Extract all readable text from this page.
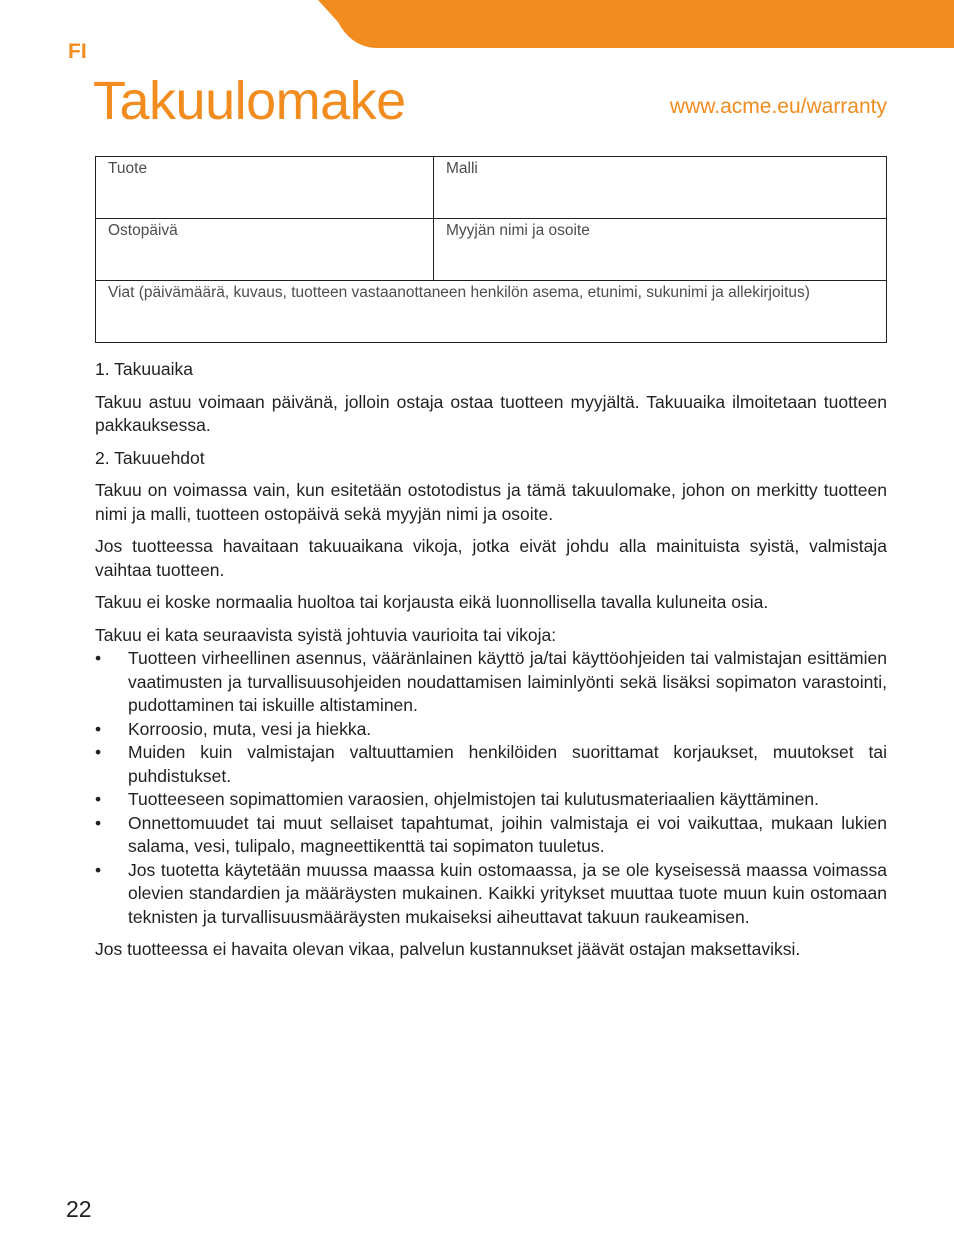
FI
Takuulomake	www.acme.eu/warranty
Tuote	Malli
Ostopäivä	Myyjän nimi ja osoite
Viat (päivämäärä, kuvaus, tuotteen vastaanottaneen henkilön asema, etunimi, sukunimi ja allekirjoitus)	
1. Takuuaika

Takuu astuu voimaan päivänä, jolloin ostaja ostaa tuotteen myyjältä. Takuuaika ilmoitetaan tuotteen pakkauksessa.

2. Takuuehdot

Takuu on voimassa vain, kun esitetään ostotodistus ja tämä takuulomake, johon on merkitty tuotteen nimi ja malli, tuotteen ostopäivä sekä myyjän nimi ja osoite.

Jos tuotteessa havaitaan takuuaikana vikoja, jotka eivät johdu alla mainituista syistä, valmistaja vaihtaa tuotteen.

Takuu ei koske normaalia huoltoa tai korjausta eikä luonnollisella tavalla kuluneita osia.

Takuu ei kata seuraavista syistä johtuvia vaurioita tai vikoja:

• Tuotteen virheellinen asennus, vääränlainen käyttö ja/tai käyttöohjeiden tai valmistajan esittämien vaatimusten ja turvallisuusohjeiden noudattamisen laiminlyönti sekä lisäksi sopimaton varastointi, pudottaminen tai iskuille altistaminen.
• Korroosio, muta, vesi ja hiekka.
• Muiden kuin valmistajan valtuuttamien henkilöiden suorittamat korjaukset, muutokset tai puhdistukset.
• Tuotteeseen sopimattomien varaosien, ohjelmistojen tai kulutusmateriaalien käyttäminen.
• Onnettomuudet tai muut sellaiset tapahtumat, joihin valmistaja ei voi vaikuttaa, mukaan lukien salama, vesi, tulipalo, magneettikenttä tai sopimaton tuuletus.
• Jos tuotetta käytetään muussa maassa kuin ostomaassa, ja se ole kyseisessä maassa voimassa olevien standardien ja määräysten mukainen. Kaikki yritykset muuttaa tuote muun kuin ostomaan teknisten ja turvallisuusmääräysten mukaiseksi aiheuttavat takuun raukeamisen.

Jos tuotteessa ei havaita olevan vikaa, palvelun kustannukset jäävät ostajan maksettaviksi.

22
